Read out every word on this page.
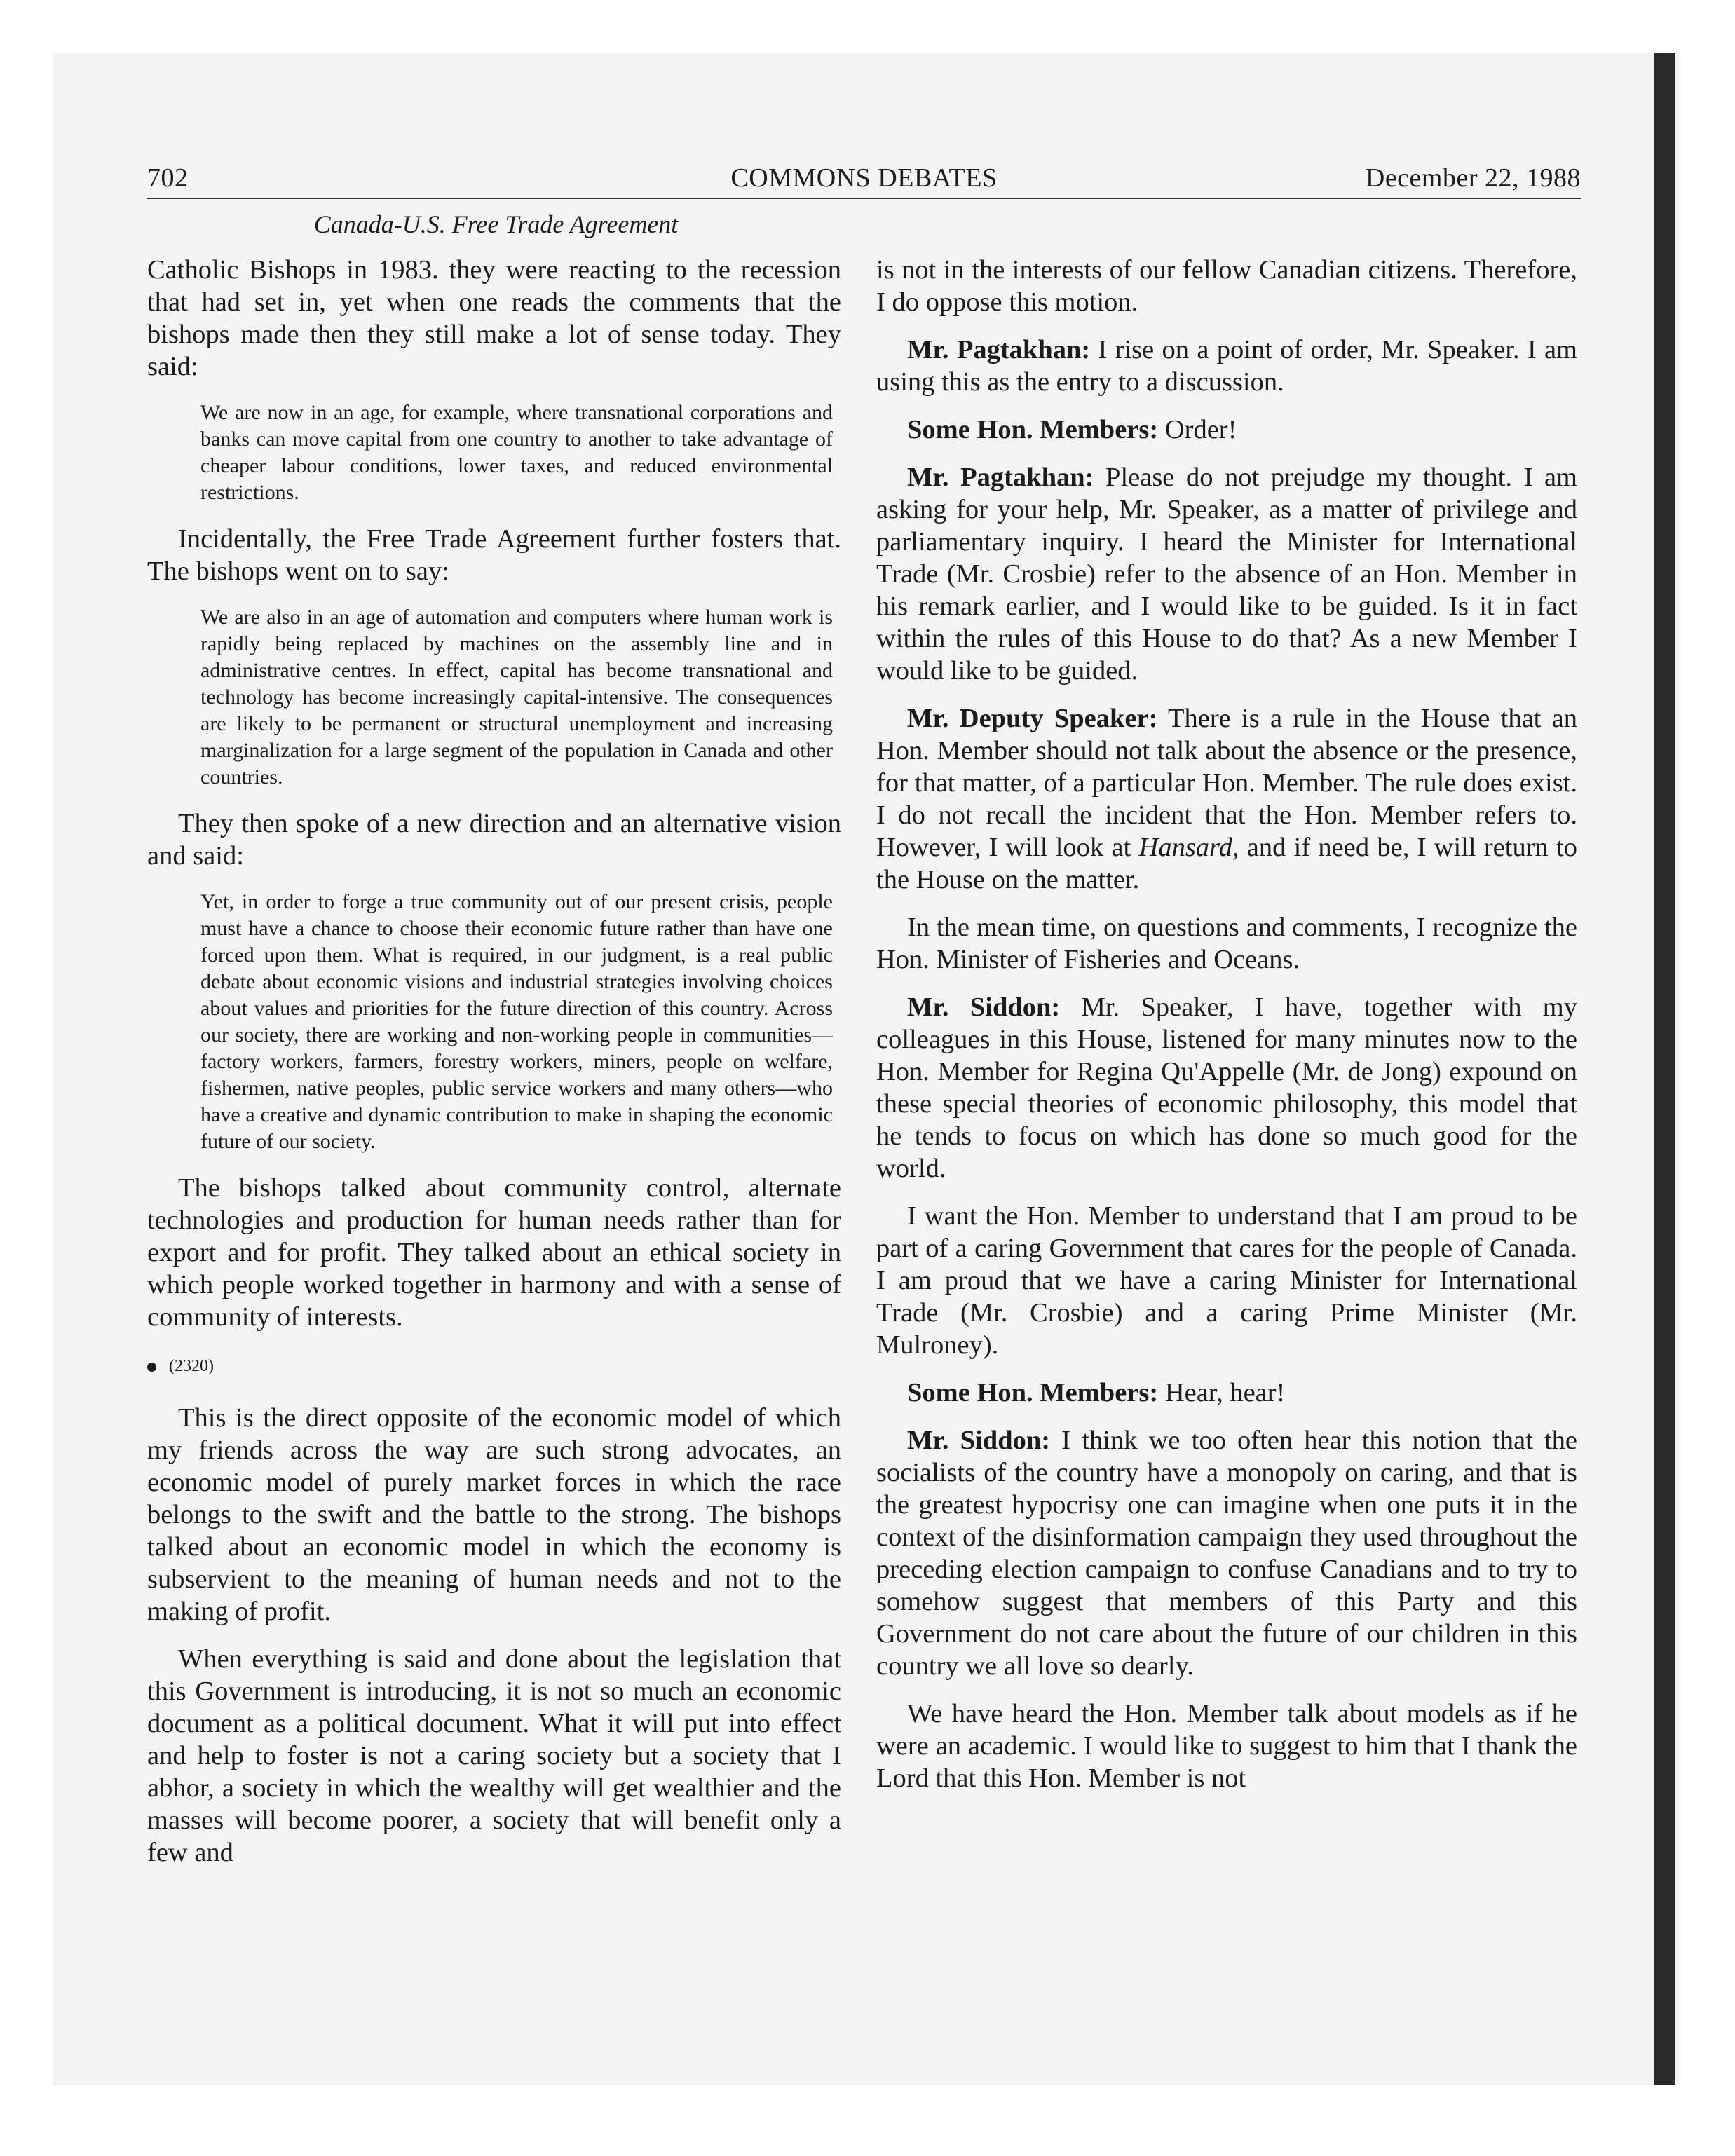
702	COMMONS DEBATES	December 22, 1988
Canada-U.S. Free Trade Agreement

Catholic Bishops in 1983. they were reacting to the recession that had set in, yet when one reads the comments that the bishops made then they still make a lot of sense today. They said:

We are now in an age, for example, where transnational corporations and banks can move capital from one country to another to take advantage of cheaper labour conditions, lower taxes, and reduced environmental restrictions.

Incidentally, the Free Trade Agreement further fosters that. The bishops went on to say:

We are also in an age of automation and computers where human work is rapidly being replaced by machines on the assembly line and in administrative centres. In effect, capital has become transnational and technology has become increasingly capital-intensive. The consequences are likely to be permanent or structural unemployment and increasing marginalization for a large segment of the population in Canada and other countries.

They then spoke of a new direction and an alternative vision and said:

Yet, in order to forge a true community out of our present crisis, people must have a chance to choose their economic future rather than have one forced upon them. What is required, in our judgment, is a real public debate about economic visions and industrial strategies involving choices about values and priorities for the future direction of this country. Across our society, there are working and non-working people in communities—factory workers, farmers, forestry workers, miners, people on welfare, fishermen, native peoples, public service workers and many others—who have a creative and dynamic contribution to make in shaping the economic future of our society.

The bishops talked about community control, alternate technologies and production for human needs rather than for export and for profit. They talked about an ethical society in which people worked together in harmony and with a sense of community of interests.

(2320)

This is the direct opposite of the economic model of which my friends across the way are such strong advocates, an economic model of purely market forces in which the race belongs to the swift and the battle to the strong. The bishops talked about an economic model in which the economy is subservient to the meaning of human needs and not to the making of profit.

When everything is said and done about the legislation that this Government is introducing, it is not so much an economic document as a political document. What it will put into effect and help to foster is not a caring society but a society that I abhor, a society in which the wealthy will get wealthier and the masses will become poorer, a society that will benefit only a few and

is not in the interests of our fellow Canadian citizens. Therefore, I do oppose this motion.

Mr. Pagtakhan: I rise on a point of order, Mr. Speaker. I am using this as the entry to a discussion.

Some Hon. Members: Order!

Mr. Pagtakhan: Please do not prejudge my thought. I am asking for your help, Mr. Speaker, as a matter of privilege and parliamentary inquiry. I heard the Minister for International Trade (Mr. Crosbie) refer to the absence of an Hon. Member in his remark earlier, and I would like to be guided. Is it in fact within the rules of this House to do that? As a new Member I would like to be guided.

Mr. Deputy Speaker: There is a rule in the House that an Hon. Member should not talk about the absence or the presence, for that matter, of a particular Hon. Member. The rule does exist. I do not recall the incident that the Hon. Member refers to. However, I will look at Hansard, and if need be, I will return to the House on the matter.

In the mean time, on questions and comments, I recognize the Hon. Minister of Fisheries and Oceans.

Mr. Siddon: Mr. Speaker, I have, together with my colleagues in this House, listened for many minutes now to the Hon. Member for Regina Qu'Appelle (Mr. de Jong) expound on these special theories of economic philosophy, this model that he tends to focus on which has done so much good for the world.

I want the Hon. Member to understand that I am proud to be part of a caring Government that cares for the people of Canada. I am proud that we have a caring Minister for International Trade (Mr. Crosbie) and a caring Prime Minister (Mr. Mulroney).

Some Hon. Members: Hear, hear!

Mr. Siddon: I think we too often hear this notion that the socialists of the country have a monopoly on caring, and that is the greatest hypocrisy one can imagine when one puts it in the context of the disinformation campaign they used throughout the preceding election campaign to confuse Canadians and to try to somehow suggest that members of this Party and this Government do not care about the future of our children in this country we all love so dearly.

We have heard the Hon. Member talk about models as if he were an academic. I would like to suggest to him that I thank the Lord that this Hon. Member is not
